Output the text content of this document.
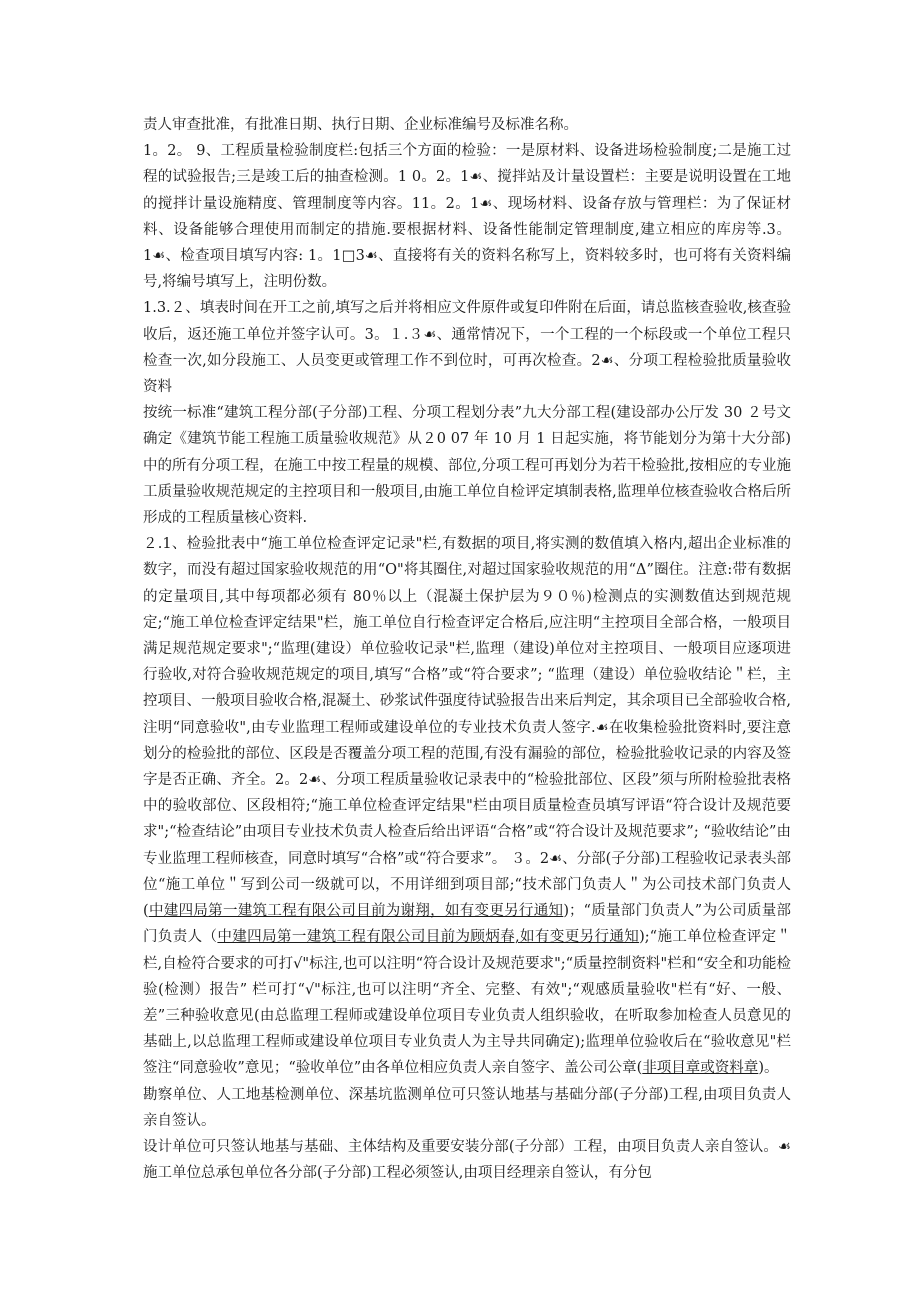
责人审查批准，有批准日期、执行日期、企业标准编号及标准名称。

1。2。 9、工程质量检验制度栏:包括三个方面的检验：一是原材料、设备进场检验制度;二是施工过程的试验报告;三是竣工后的抽查检测。1 0。2。1☙、搅拌站及计量设置栏：主要是说明设置在工地的搅拌计量设施精度、管理制度等内容。11。2。1☙、现场材料、设备存放与管理栏：为了保证材料、设备能够合理使用而制定的措施.要根据材料、设备性能制定管理制度,建立相应的库房等.3。1☙、检查项目填写内容: 1。1□3☙、直接将有关的资料名称写上，资料较多时，也可将有关资料编号,将编号填写上，注明份数。

1.3.２、填表时间在开工之前,填写之后并将相应文件原件或复印件附在后面，请总监核查验收,核查验收后，返还施工单位并签字认可。3。１.３☙、通常情况下，一个工程的一个标段或一个单位工程只检查一次,如分段施工、人员变更或管理工作不到位时，可再次检查。2☙、分项工程检验批质量验收资料

按统一标准“建筑工程分部(子分部)工程、分项工程划分表”九大分部工程(建设部办公厅发 30 ２号文确定《建筑节能工程施工质量验收规范》从２0 07 年 10 月 1 日起实施，将节能划分为第十大分部)中的所有分项工程，在施工中按工程量的规模、部位,分项工程可再划分为若干检验批,按相应的专业施工质量验收规范规定的主控项目和一般项目,由施工单位自检评定填制表格,监理单位核查验收合格后所形成的工程质量核心资料.

２.1、检验批表中“施工单位检查评定记录"栏,有数据的项目,将实测的数值填入格内,超出企业标准的数字，而没有超过国家验收规范的用“O"将其圈住,对超过国家验收规范的用“Δ”圈住。注意:带有数据的定量项目,其中每项都必须有 80％以上（混凝土保护层为９０％)检测点的实测数值达到规范规定;“施工单位检查评定结果"栏，施工单位自行检查评定合格后,应注明“主控项目全部合格，一般项目满足规范规定要求";“监理(建设）单位验收记录"栏,监理（建设)单位对主控项目、一般项目应逐项进行验收,对符合验收规范规定的项目,填写“合格”或“符合要求”; “监理（建设）单位验收结论＂栏，主控项目、一般项目验收合格,混凝土、砂浆试件强度待试验报告出来后判定，其余项目已全部验收合格,注明“同意验收",由专业监理工程师或建设单位的专业技术负责人签字.☙在收集检验批资料时,要注意划分的检验批的部位、区段是否覆盖分项工程的范围,有没有漏验的部位，检验批验收记录的内容及签字是否正确、齐全。2。2☙、分项工程质量验收记录表中的“检验批部位、区段”须与所附检验批表格中的验收部位、区段相符;“施工单位检查评定结果"栏由项目质量检查员填写评语“符合设计及规范要求";“检查结论”由项目专业技术负责人检查后给出评语“合格”或“符合设计及规范要求”; “验收结论”由专业监理工程师核查，同意时填写“合格”或“符合要求”。 ３。2☙、分部(子分部)工程验收记录表头部位“施工单位＂写到公司一级就可以，不用详细到项目部;“技术部门负责人＂为公司技术部门负责人(中建四局第一建筑工程有限公司目前为谢翔，如有变更另行通知)；“质量部门负责人”为公司质量部门负责人（中建四局第一建筑工程有限公司目前为顾炳春,如有变更另行通知);“施工单位检查评定＂栏,自检符合要求的可打√"标注,也可以注明“符合设计及规范要求";“质量控制资料"栏和“安全和功能检验(检测）报告” 栏可打“√"标注,也可以注明“齐全、完整、有效";“观感质量验收"栏有“好、一般、差”三种验收意见(由总监理工程师或建设单位项目专业负责人组织验收，在听取参加检查人员意见的基础上,以总监理工程师或建设单位项目专业负责人为主导共同确定);监理单位验收后在“验收意见"栏签注“同意验收”意见；“验收单位”由各单位相应负责人亲自签字、盖公司公章(非项目章或资料章)。

勘察单位、人工地基检测单位、深基坑监测单位可只签认地基与基础分部(子分部)工程,由项目负责人亲自签认。

设计单位可只签认地基与基础、主体结构及重要安装分部(子分部）工程，由项目负责人亲自签认。☙施工单位总承包单位各分部(子分部)工程必须签认,由项目经理亲自签认，有分包
